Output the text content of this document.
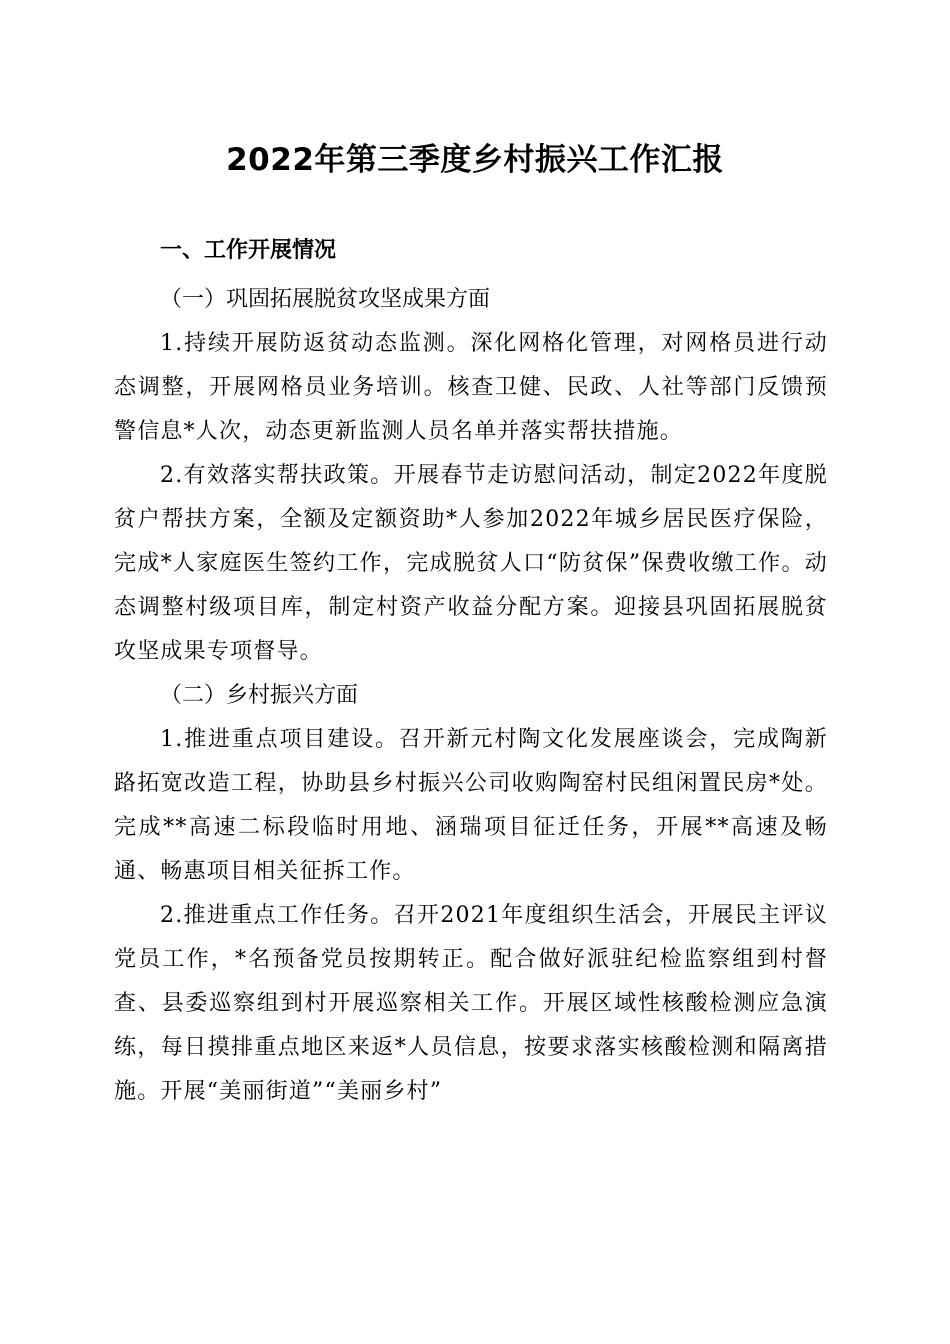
2022年第三季度乡村振兴工作汇报
一、工作开展情况
（一）巩固拓展脱贫攻坚成果方面

1.持续开展防返贫动态监测。深化网格化管理，对网格员进行动态调整，开展网格员业务培训。核查卫健、民政、人社等部门反馈预警信息*人次，动态更新监测人员名单并落实帮扶措施。

2.有效落实帮扶政策。开展春节走访慰问活动，制定2022年度脱贫户帮扶方案，全额及定额资助*人参加2022年城乡居民医疗保险，完成*人家庭医生签约工作，完成脱贫人口“防贫保”保费收缴工作。动态调整村级项目库，制定村资产收益分配方案。迎接县巩固拓展脱贫攻坚成果专项督导。

（二）乡村振兴方面

1.推进重点项目建设。召开新元村陶文化发展座谈会，完成陶新路拓宽改造工程，协助县乡村振兴公司收购陶窑村民组闲置民房*处。完成**高速二标段临时用地、涵瑞项目征迁任务，开展**高速及畅通、畅惠项目相关征拆工作。

2.推进重点工作任务。召开2021年度组织生活会，开展民主评议党员工作，*名预备党员按期转正。配合做好派驻纪检监察组到村督查、县委巡察组到村开展巡察相关工作。开展区域性核酸检测应急演练，每日摸排重点地区来返*人员信息，按要求落实核酸检测和隔离措施。开展“美丽街道”“美丽乡村”
